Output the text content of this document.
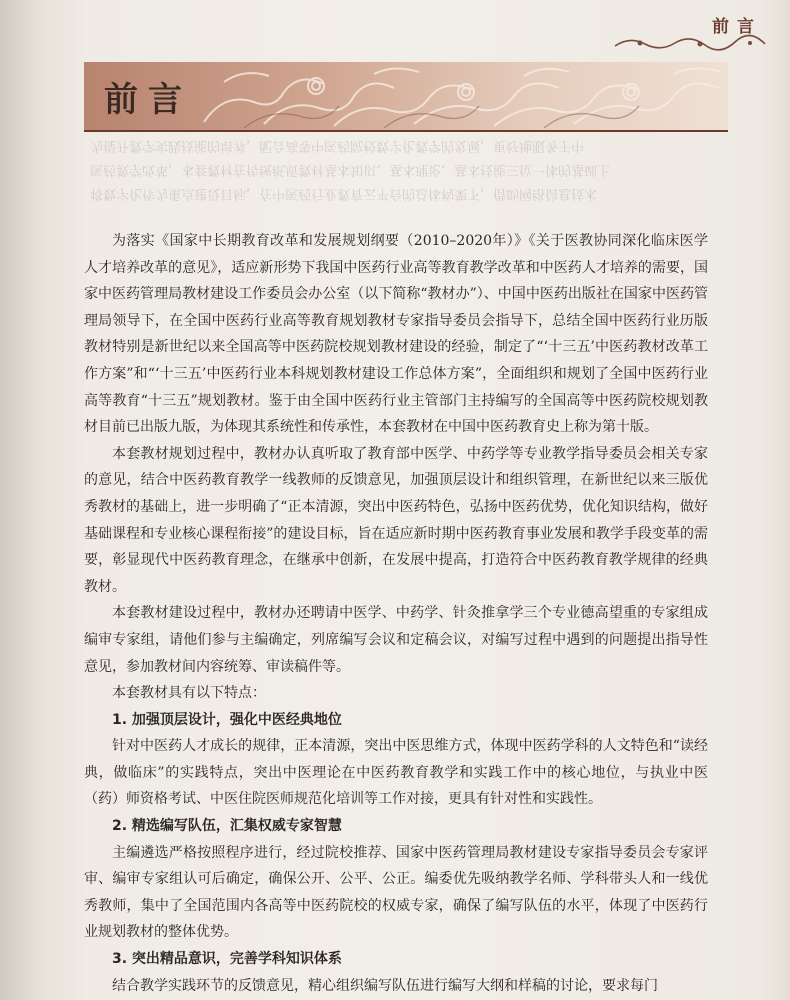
前言
前言
为提升教学实践技能的培养，配合高等中医药院校数字化教学的发展，更好地服务于中
医药教学改革，本套教材在传统纸质教材基本知识、基本理论、基本技能三位一体的基础上
将数字化作为重点建设目标，在中医药行业教育云平台的总体构架下，借助网络信息技术

为落实《国家中长期教育改革和发展规划纲要（2010–2020年）》《关于医教协同深化临床医学人才培养改革的意见》，适应新形势下我国中医药行业高等教育教学改革和中医药人才培养的需要，国家中医药管理局教材建设工作委员会办公室（以下简称“教材办”）、中国中医药出版社在国家中医药管理局领导下，在全国中医药行业高等教育规划教材专家指导委员会指导下，总结全国中医药行业历版教材特别是新世纪以来全国高等中医药院校规划教材建设的经验，制定了“‘十三五’中医药教材改革工作方案”和“‘十三五’中医药行业本科规划教材建设工作总体方案”，全面组织和规划了全国中医药行业高等教育“十三五”规划教材。鉴于由全国中医药行业主管部门主持编写的全国高等中医药院校规划教材目前已出版九版，为体现其系统性和传承性，本套教材在中国中医药教育史上称为第十版。

本套教材规划过程中，教材办认真听取了教育部中医学、中药学等专业教学指导委员会相关专家的意见，结合中医药教育教学一线教师的反馈意见，加强顶层设计和组织管理，在新世纪以来三版优秀教材的基础上，进一步明确了“正本清源，突出中医药特色，弘扬中医药优势，优化知识结构，做好基础课程和专业核心课程衔接”的建设目标，旨在适应新时期中医药教育事业发展和教学手段变革的需要，彰显现代中医药教育理念，在继承中创新，在发展中提高，打造符合中医药教育教学规律的经典教材。

本套教材建设过程中，教材办还聘请中医学、中药学、针灸推拿学三个专业德高望重的专家组成编审专家组，请他们参与主编确定，列席编写会议和定稿会议，对编写过程中遇到的问题提出指导性意见，参加教材间内容统筹、审读稿件等。

本套教材具有以下特点：

1. 加强顶层设计，强化中医经典地位

针对中医药人才成长的规律，正本清源，突出中医思维方式，体现中医药学科的人文特色和“读经典，做临床”的实践特点，突出中医理论在中医药教育教学和实践工作中的核心地位，与执业中医（药）师资格考试、中医住院医师规范化培训等工作对接，更具有针对性和实践性。

2. 精选编写队伍，汇集权威专家智慧

主编遴选严格按照程序进行，经过院校推荐、国家中医药管理局教材建设专家指导委员会专家评审、编审专家组认可后确定，确保公开、公平、公正。编委优先吸纳教学名师、学科带头人和一线优秀教师，集中了全国范围内各高等中医药院校的权威专家，确保了编写队伍的水平，体现了中医药行业规划教材的整体优势。

3. 突出精品意识，完善学科知识体系

结合教学实践环节的反馈意见，精心组织编写队伍进行编写大纲和样稿的讨论，要求每门
